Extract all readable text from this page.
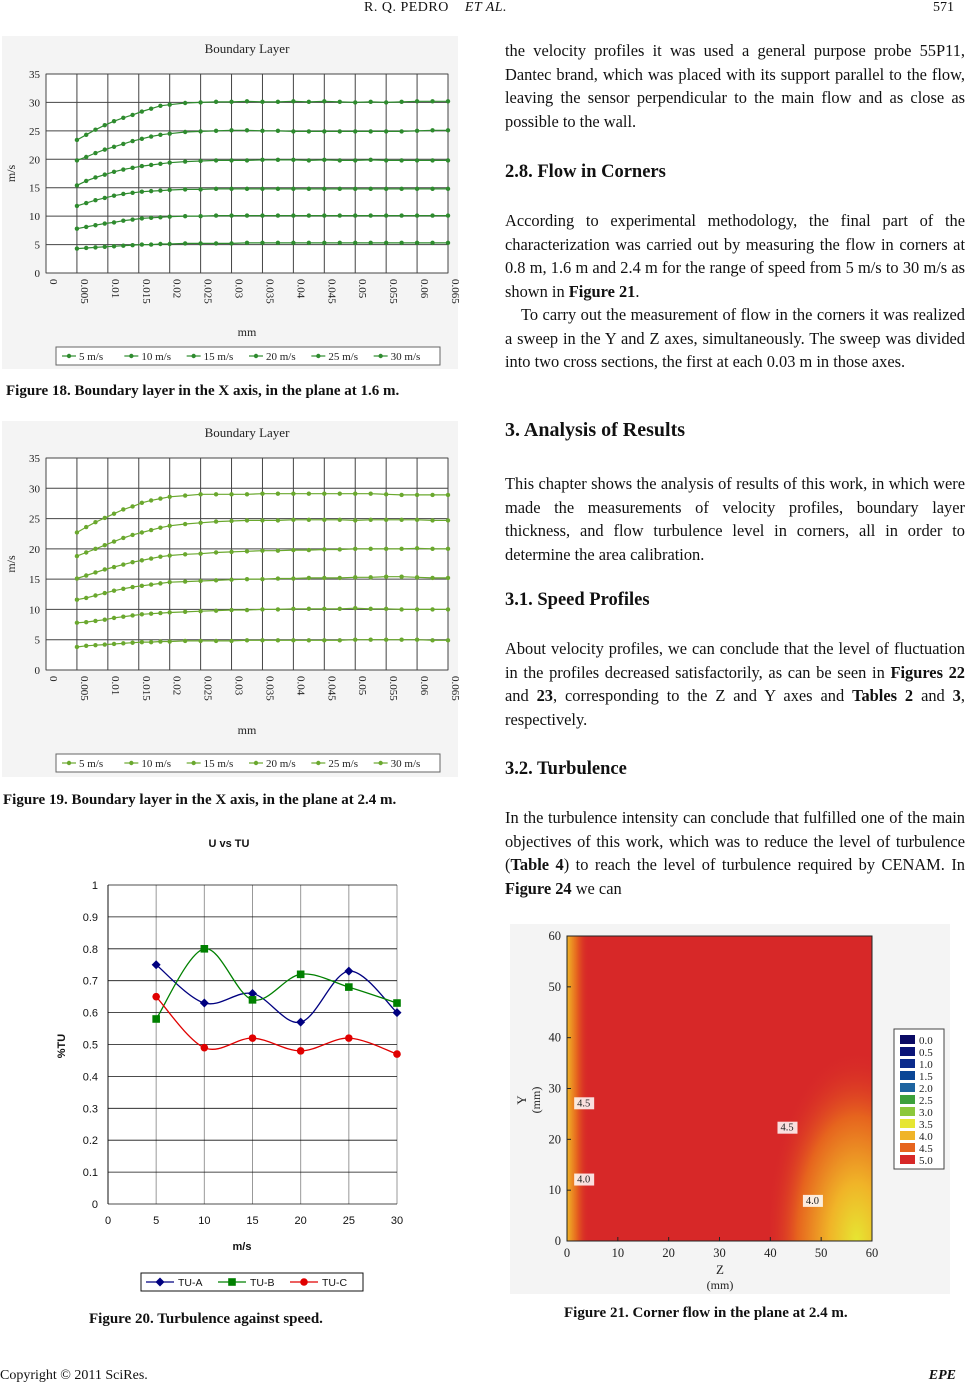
R. Q. PEDRO ET AL.	571
Boundary Layer
0
5
10
15
20
25
30
35
0 0.005 0.01 0.015 0.02 0.025 0.03 0.035 0.04 0.045 0.05 0.055 0.06 0.065
mm
m/s
5 m/s	10 m/s	15 m/s	20 m/s	25 m/s	30 m/s
Figure 18. Boundary layer in the X axis, in the plane at 1.6 m.
Boundary Layer
0
5
10
15
20
25
30
35
0 0.005 0.01 0.015 0.02 0.025 0.03 0.035 0.04 0.045 0.05 0.055 0.06 0.065
mm
m/s
5 m/s	10 m/s	15 m/s	20 m/s	25 m/s	30 m/s
Figure 19. Boundary layer in the X axis, in the plane at 2.4 m.
U vs TU
0	5	10	15	20	25	30
0
0.1
0.2
0.3
0.4
0.5
0.6
0.7
0.8
0.9
1
m/s
%TU
TU-A	TU-B	TU-C
Figure 20. Turbulence against speed.
0	10	20	30	40	50	60
0
10
20
30
40
50
60
Z
(mm)
Y (mm)	4.5
4.0
4.5
4.0
0.0
0.5
1.0
1.5
2.0
2.5
3.0
3.5
4.0
4.5
5.0
Figure 21. Corner flow in the plane at 2.4 m.

the velocity profiles it was used a general purpose probe 55P11, Dantec brand, which was placed with its support parallel to the flow, leaving the sensor perpendicular to the main flow and as close as possible to the wall.

2.8. Flow in Corners

According to experimental methodology, the final part of the characterization was carried out by measuring the flow in corners at 0.8 m, 1.6 m and 2.4 m for the range of speed from 5 m/s to 30 m/s as shown in Figure 21.

To carry out the measurement of flow in the corners it was realized a sweep in the Y and Z axes, simultaneously. The sweep was divided into two cross sections, the first at each 0.03 m in those axes.

3. Analysis of Results

This chapter shows the analysis of results of this work, in which were made the measurements of velocity profiles, boundary layer thickness, and flow turbulence level in corners, all in order to determine the area calibration.

3.1. Speed Profiles

About velocity profiles, we can conclude that the level of fluctuation in the profiles decreased satisfactorily, as can be seen in Figures 22 and 23, corresponding to the Z and Y axes and Tables 2 and 3, respectively.

3.2. Turbulence

In the turbulence intensity can conclude that fulfilled one of the main objectives of this work, which was to reduce the level of turbulence (Table 4) to reach the level of turbulence required by CENAM. In Figure 24 we can

Copyright © 2011 SciRes.	EPE
